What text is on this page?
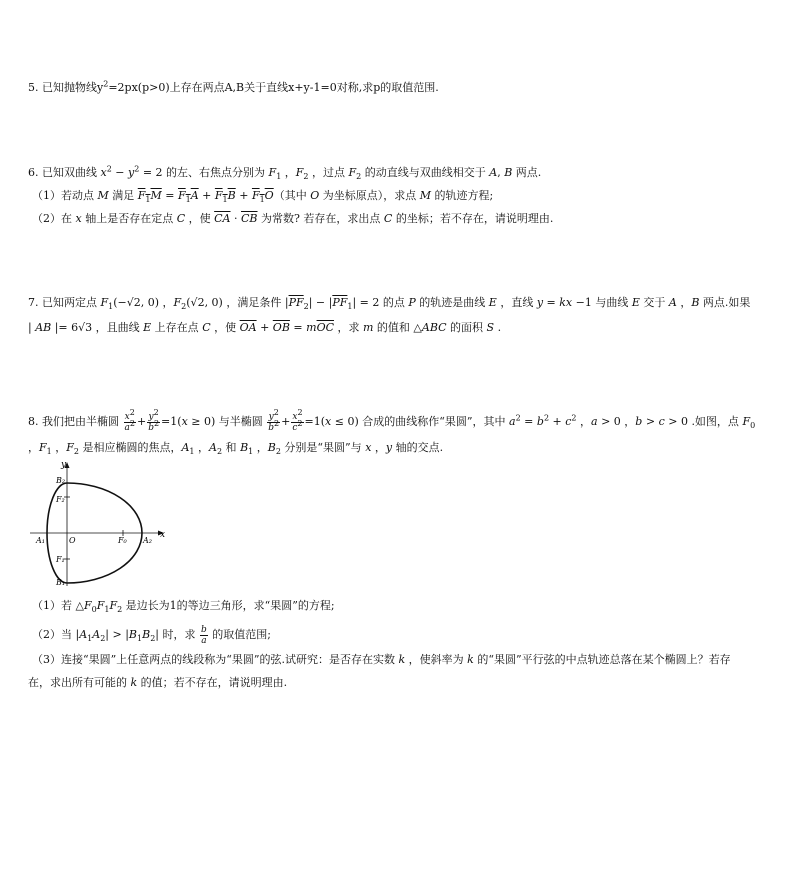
5. 已知抛物线$y^2=2px(p>0)$上存在两点A,B关于直线x+y-1=0对称,求p的取值范围.
6. 已知双曲线 $x^2 - y^2 = 2$ 的左、右焦点分别为 $F_1$ ，$F_2$ ，过点 $F_2$ 的动直线与双曲线相交于 A, B 两点.
（1）若动点 M 满足 $F_1M = F_1A + F_1B + F_1O$（其中 O 为坐标原点），求点 M 的轨迹方程;
（2）在 x 轴上是否存在定点 C ，使 $\overline{CA} \cdot \overline{CB}$ 为常数? 若存在，求出点 C 的坐标；若不存在，请说明理由.
7. 已知两定点 $F_1(-√2$, 0) ，$F_2(√2$, 0) ，满足条件 $|\overline{PF}_2| - |\overline{PF}_1| = 2$ 的点 P 的轨迹是曲线 E ，直线 y = kx −1 与曲线 E 交于 A ，B 两点.如果
| AB |= 6√3 ，且曲线 E 上存在点 C ，使 $\overline{OA} + \overline{OB} = m\overline{OC}$ ，求 m 的值和 △ABC 的面积 S .
8. 我们把由半椭圆 $\frac{x^2}{a^2} + \frac{y^2}{b^2} =1(x \ge 0)$ 与半椭圆 $\frac{y^2}{b^2} + \frac{x^2}{c^2} =1(x \le 0)$ 合成的曲线称作“果圆”，其中 $a^2 = b^2 + c^2$ ，a > 0 ，b > c > 0 .如图，点 $F_0$
，$F_1$ ，$F_2$ 是相应椭圆的焦点，$A_1$ ，$A_2$ 和 $B_1$ ，$B_2$ 分别是“果圆”与 x ，y 轴的交点.
y
x
O
B₂
B₁
F₂
F₁
F₀
A₁	A₂
（1）若 $\triangle F_0F_1F_2$ 是边长为1的等边三角形，求“果圆”的方程;
（2）当 $|A_1A_2| > |B_1B_2|$ 时，求 $\frac{b}{a}$ 的取值范围;
（3）连接“果圆”上任意两点的线段称为“果圆”的弦.试研究：是否存在实数 k ，使斜率为 k 的“果圆”平行弦的中点轨迹总落在某个椭圆上？若存
在，求出所有可能的 k 的值；若不存在，请说明理由.
